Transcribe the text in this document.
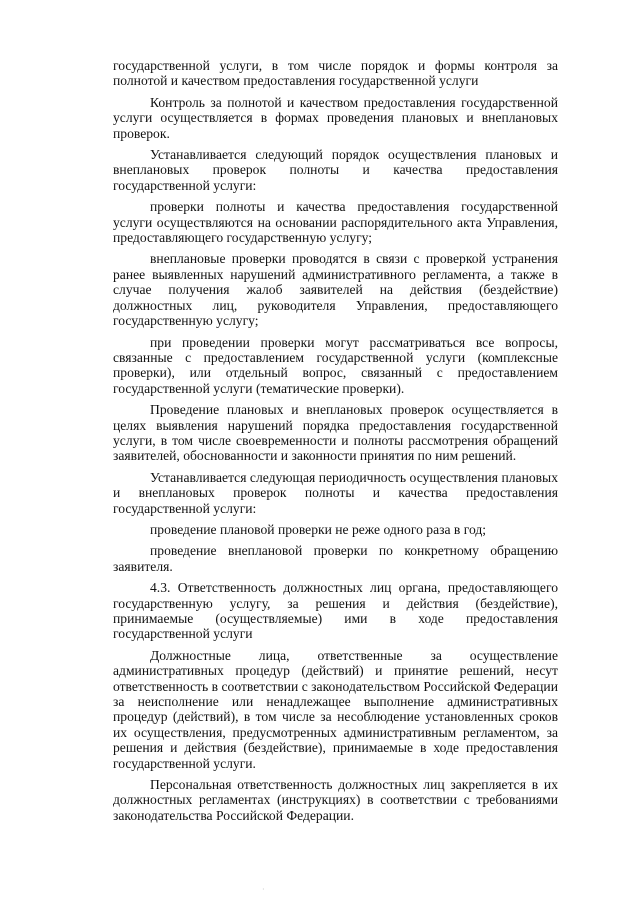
государственной услуги, в том числе порядок и формы контроля за полнотой и качеством предоставления государственной услуги

Контроль за полнотой и качеством предоставления государственной услуги осуществляется в формах проведения плановых и внеплановых проверок.

Устанавливается следующий порядок осуществления плановых и внеплановых проверок полноты и качества предоставления государственной услуги:

проверки полноты и качества предоставления государственной услуги осуществляются на основании распорядительного акта Управления, предоставляющего государственную услугу;

внеплановые проверки проводятся в связи с проверкой устранения ранее выявленных нарушений административного регламента, а также в случае получения жалоб заявителей на действия (бездействие) должностных лиц, руководителя Управления, предоставляющего государственную услугу;

при проведении проверки могут рассматриваться все вопросы, связанные с предоставлением государственной услуги (комплексные проверки), или отдельный вопрос, связанный с предоставлением государственной услуги (тематические проверки).

Проведение плановых и внеплановых проверок осуществляется в целях выявления нарушений порядка предоставления государственной услуги, в том числе своевременности и полноты рассмотрения обращений заявителей, обоснованности и законности принятия по ним решений.

Устанавливается следующая периодичность осуществления плановых и внеплановых проверок полноты и качества предоставления государственной услуги:

проведение плановой проверки не реже одного раза в год;

проведение внеплановой проверки по конкретному обращению заявителя.

4.3. Ответственность должностных лиц органа, предоставляющего государственную услугу, за решения и действия (бездействие), принимаемые (осуществляемые) ими в ходе предоставления государственной услуги

Должностные лица, ответственные за осуществление административных процедур (действий) и принятие решений, несут ответственность в соответствии с законодательством Российской Федерации за неисполнение или ненадлежащее выполнение административных процедур (действий), в том числе за несоблюдение установленных сроков их осуществления, предусмотренных административным регламентом, за решения и действия (бездействие), принимаемые в ходе предоставления государственной услуги.

Персональная ответственность должностных лиц закрепляется в их должностных регламентах (инструкциях) в соответствии с требованиями законодательства Российской Федерации.

·
